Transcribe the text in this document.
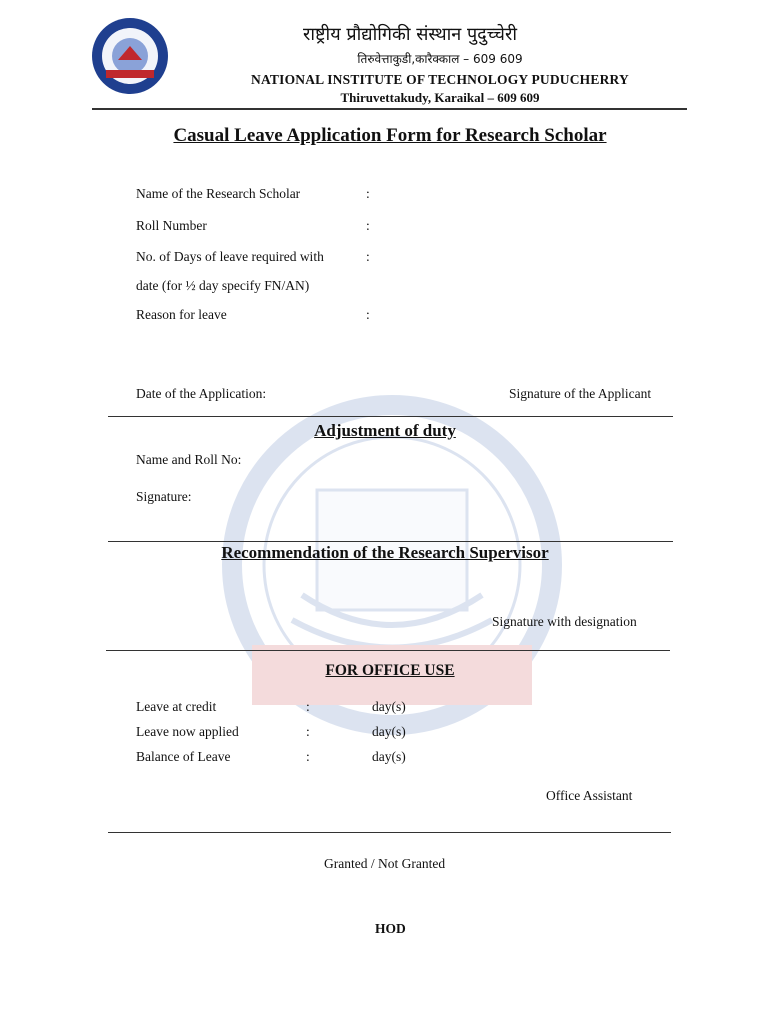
राष्ट्रीय प्रौद्योगिकी संस्थान पुदुच्चेरी
तिरुवेत्ताकुडी,कारैक्काल – 609 609
NATIONAL INSTITUTE OF TECHNOLOGY PUDUCHERRY
Thiruvettakudy, Karaikal – 609 609
Casual Leave Application Form for Research Scholar
Name of the Research Scholar	:
Roll Number	:
No. of Days of leave required with	:
date (for ½ day specify FN/AN)
Reason for leave	:
Date of the Application:	Signature of the Applicant
Adjustment of duty
Name and Roll No:
Signature:
Recommendation of the Research Supervisor
Signature with designation
FOR OFFICE USE
Leave at credit	:	day(s)
Leave now applied	:	day(s)
Balance of Leave	:	day(s)
Office Assistant
Granted / Not Granted
HOD
